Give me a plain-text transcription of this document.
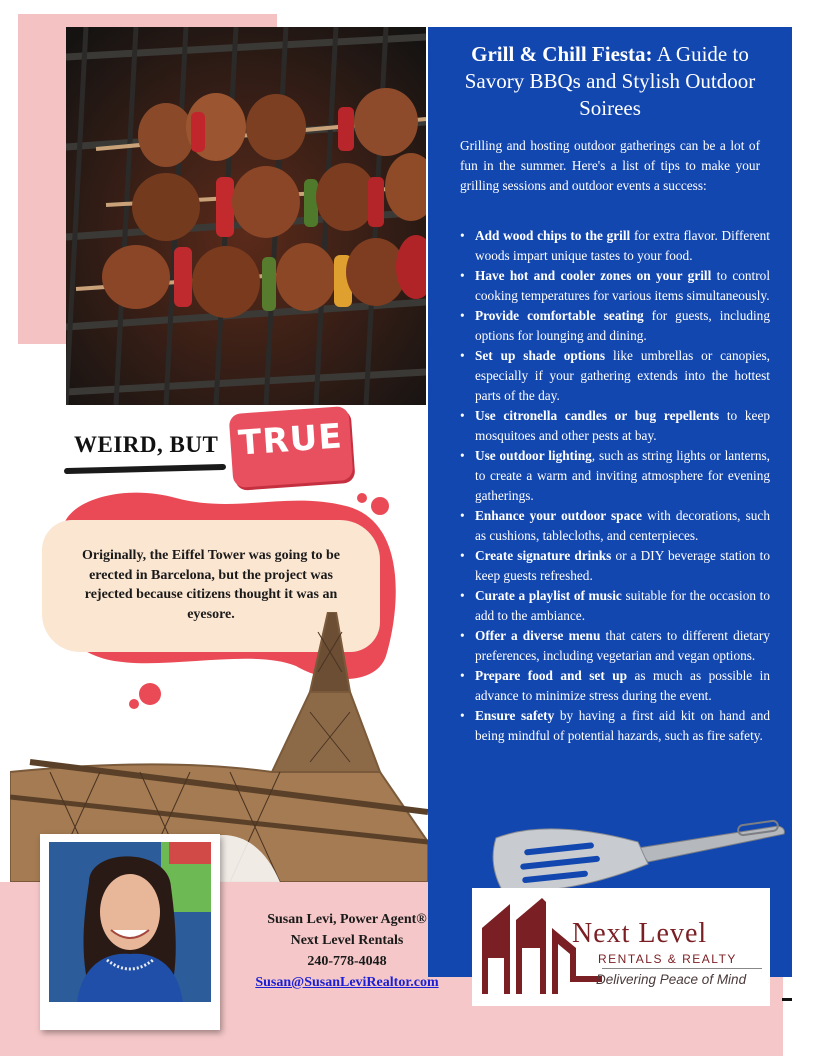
Grill & Chill Fiesta: A Guide to Savory BBQs and Stylish Outdoor Soirees
Grilling and hosting outdoor gatherings can be a lot of fun in the summer. Here's a list of tips to make your grilling sessions and outdoor events a success:
• Add wood chips to the grill for extra flavor. Different woods impart unique tastes to your food.
• Have hot and cooler zones on your grill to control cooking temperatures for various items simultaneously.
• Provide comfortable seating for guests, including options for lounging and dining.
• Set up shade options like umbrellas or canopies, especially if your gathering extends into the hottest parts of the day.
• Use citronella candles or bug repellents to keep mosquitoes and other pests at bay.
• Use outdoor lighting, such as string lights or lanterns, to create a warm and inviting atmosphere for evening gatherings.
• Enhance your outdoor space with decorations, such as cushions, tablecloths, and centerpieces.
• Create signature drinks or a DIY beverage station to keep guests refreshed.
• Curate a playlist of music suitable for the occasion to add to the ambiance.
• Offer a diverse menu that caters to different dietary preferences, including vegetarian and vegan options.
• Prepare food and set up as much as possible in advance to minimize stress during the event.
• Ensure safety by having a first aid kit on hand and being mindful of potential hazards, such as fire safety.
WEIRD, BUT TRUE
Originally, the Eiffel Tower was going to be erected in Barcelona, but the project was rejected because citizens thought it was an eyesore.
Susan Levi, Power Agent®
Next Level Rentals
240-778-4048
Susan@SusanLeviRealtor.com
Next Level
RENTALS & REALTY
Delivering Peace of Mind
